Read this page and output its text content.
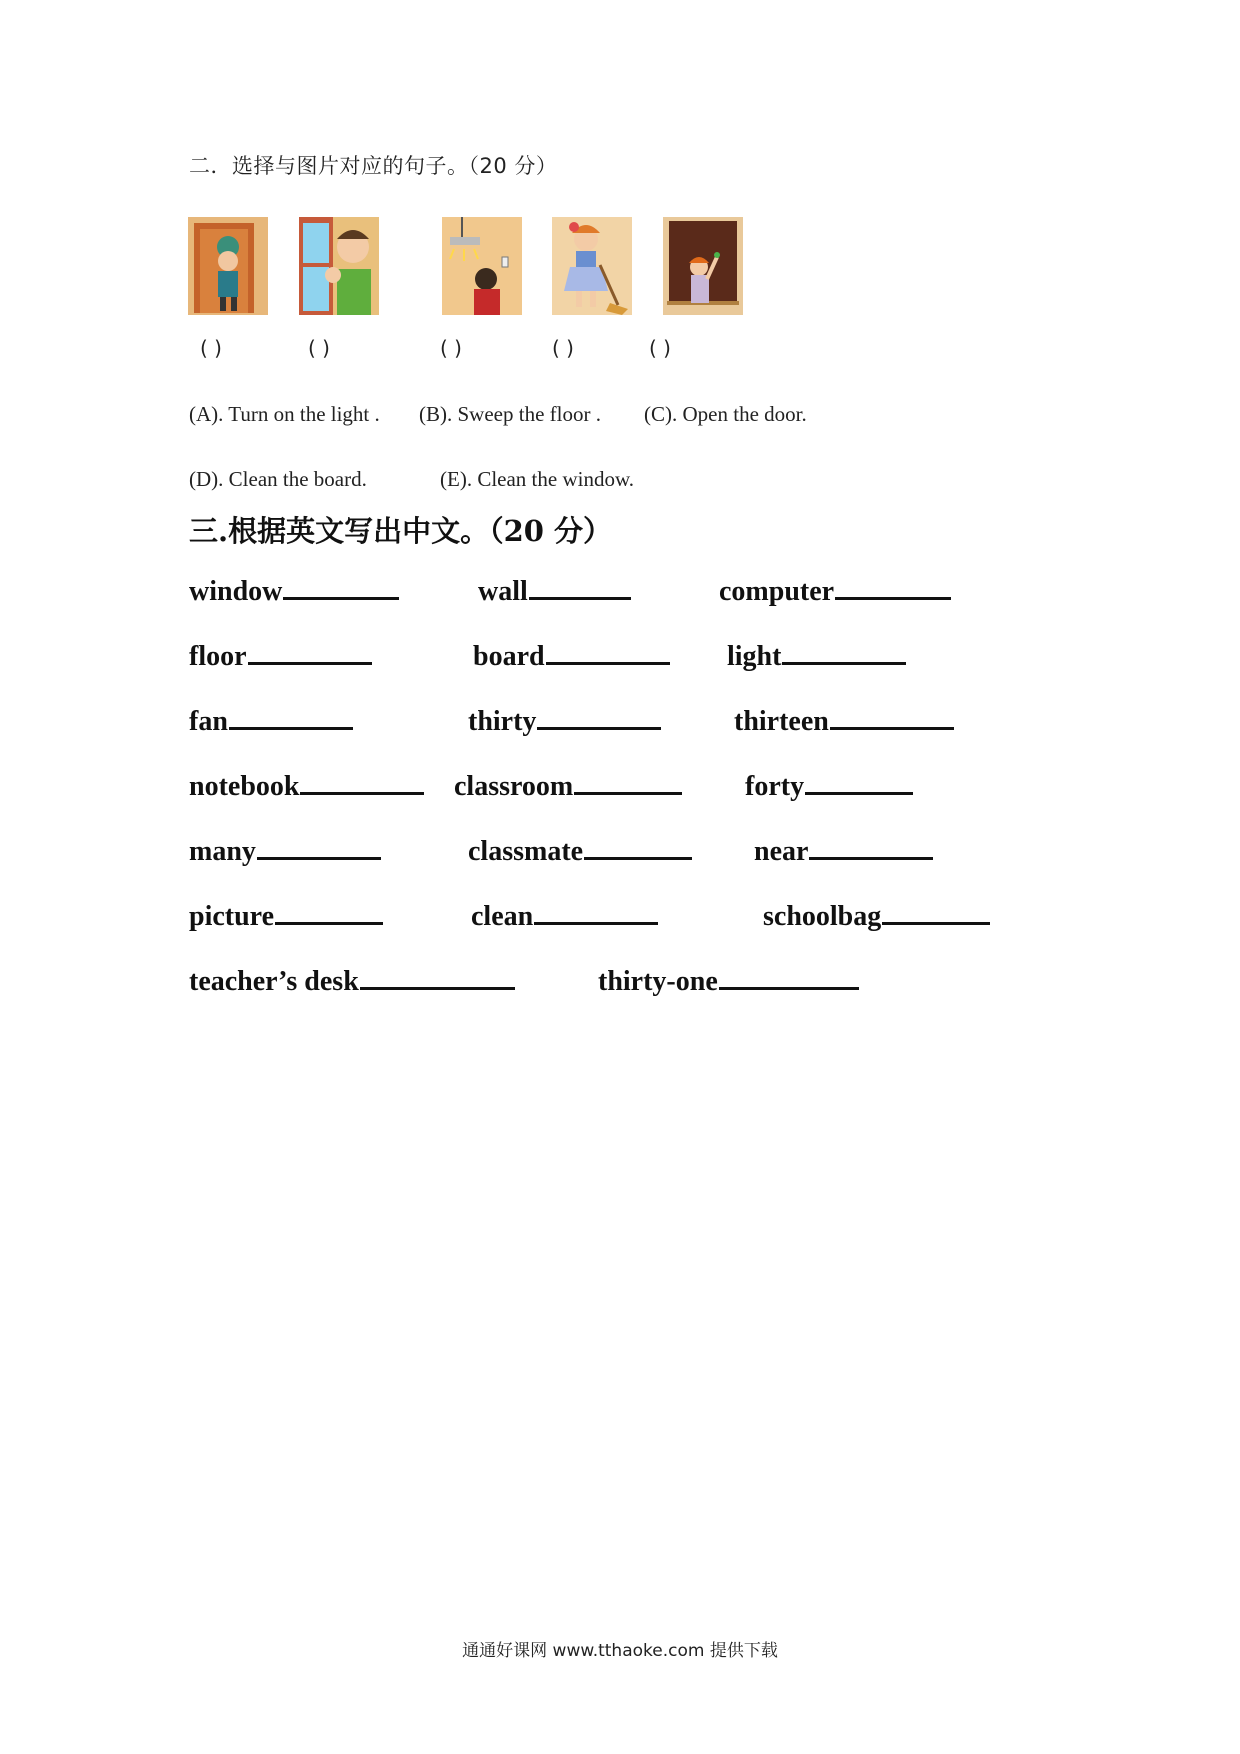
二．选择与图片对应的句子。（20 分）
( )	( )	( )	( )	( )
(A). Turn on the light . (B). Sweep the floor . (C). Open the door.
(D). Clean the board.	(E). Clean the window.
三.根据英文写出中文。（20 分）
window	wall	computer
floor	board	light
fan	thirty	thirteen
notebook	classroom	forty
many	classmate	near
picture	clean	schoolbag
teacher’s desk	thirty-one
通通好课网 www.tthaoke.com 提供下载
